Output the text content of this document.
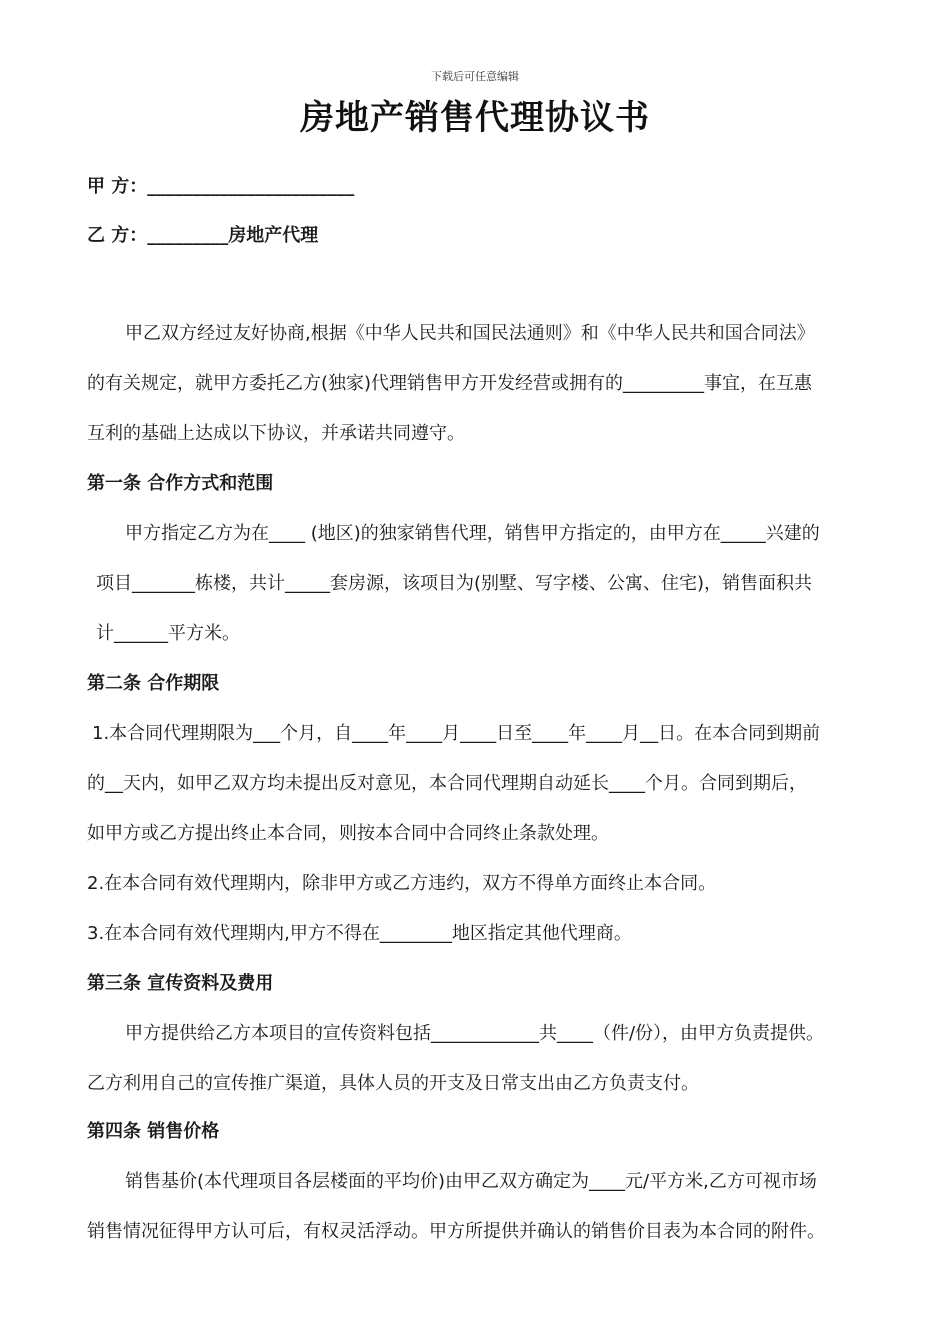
下载后可任意编辑
房地产销售代理协议书
甲 方：_______________________
乙 方：_________房地产代理
甲乙双方经过友好协商,根据《中华人民共和国民法通则》和《中华人民共和国合同法》
的有关规定，就甲方委托乙方(独家)代理销售甲方开发经营或拥有的_________事宜，在互惠
互利的基础上达成以下协议，并承诺共同遵守。
第一条 合作方式和范围
甲方指定乙方为在____ (地区)的独家销售代理，销售甲方指定的，由甲方在_____兴建的
项目_______栋楼，共计_____套房源，该项目为(别墅、写字楼、公寓、住宅)，销售面积共
计______平方米。
第二条 合作期限
1.本合同代理期限为___个月，自____年____月____日至____年____月__日。在本合同到期前
的__天内，如甲乙双方均未提出反对意见，本合同代理期自动延长____个月。合同到期后，
如甲方或乙方提出终止本合同，则按本合同中合同终止条款处理。
2.在本合同有效代理期内，除非甲方或乙方违约，双方不得单方面终止本合同。
3.在本合同有效代理期内,甲方不得在________地区指定其他代理商。
第三条 宣传资料及费用
甲方提供给乙方本项目的宣传资料包括____________共____（件/份），由甲方负责提供。
乙方利用自己的宣传推广渠道，具体人员的开支及日常支出由乙方负责支付。
第四条 销售价格
销售基价(本代理项目各层楼面的平均价)由甲乙双方确定为____元/平方米,乙方可视市场
销售情况征得甲方认可后，有权灵活浮动。甲方所提供并确认的销售价目表为本合同的附件。
